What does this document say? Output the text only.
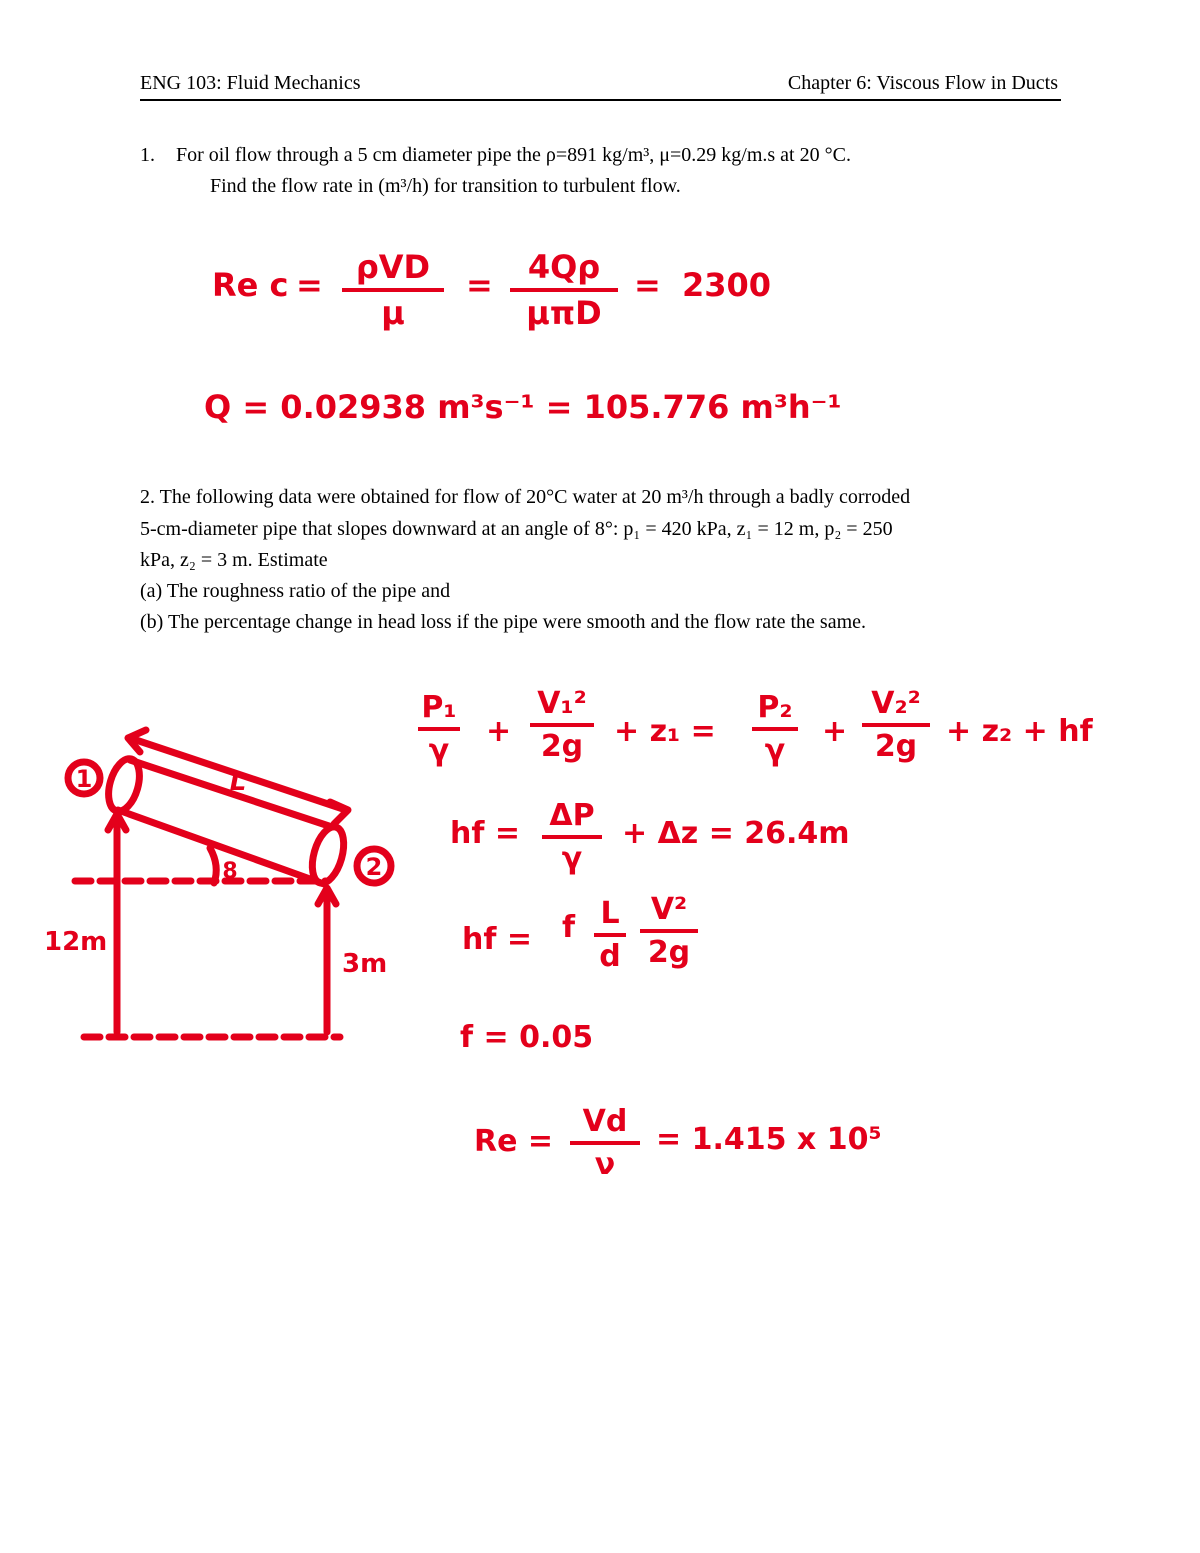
ENG 103: Fluid Mechanics	Chapter 6: Viscous Flow in Ducts
1. For oil flow through a 5 cm diameter pipe the ρ=891 kg/m³, μ=0.29 kg/m.s at 20 °C.
Find the flow rate in (m³/h) for transition to turbulent flow.
Re c = ρVD
μ
= 4Qρ
μπD
= 2300
Q = 0.02938 m³s⁻¹ = 105.776 m³h⁻¹
2. The following data were obtained for flow of 20°C water at 20 m³/h through a badly corroded
5-cm-diameter pipe that slopes downward at an angle of 8°: p₁ = 420 kPa, z₁ = 12 m, p₂ = 250
kPa, z₂ = 3 m. Estimate
(a) The roughness ratio of the pipe and
(b) The percentage change in head loss if the pipe were smooth and the flow rate the same.
1
2
L
8
12m
3m
P₁
γ
+
V₁²
2g + z₁ =
P₂
γ
+
V₂²
2g + z₂ + hf
hf =
ΔP
γ
+ Δz = 26.4m
hf = f L
d
V²
2g
f = 0.05
Re =
Vd
ν
= 1.415 x 10⁵
